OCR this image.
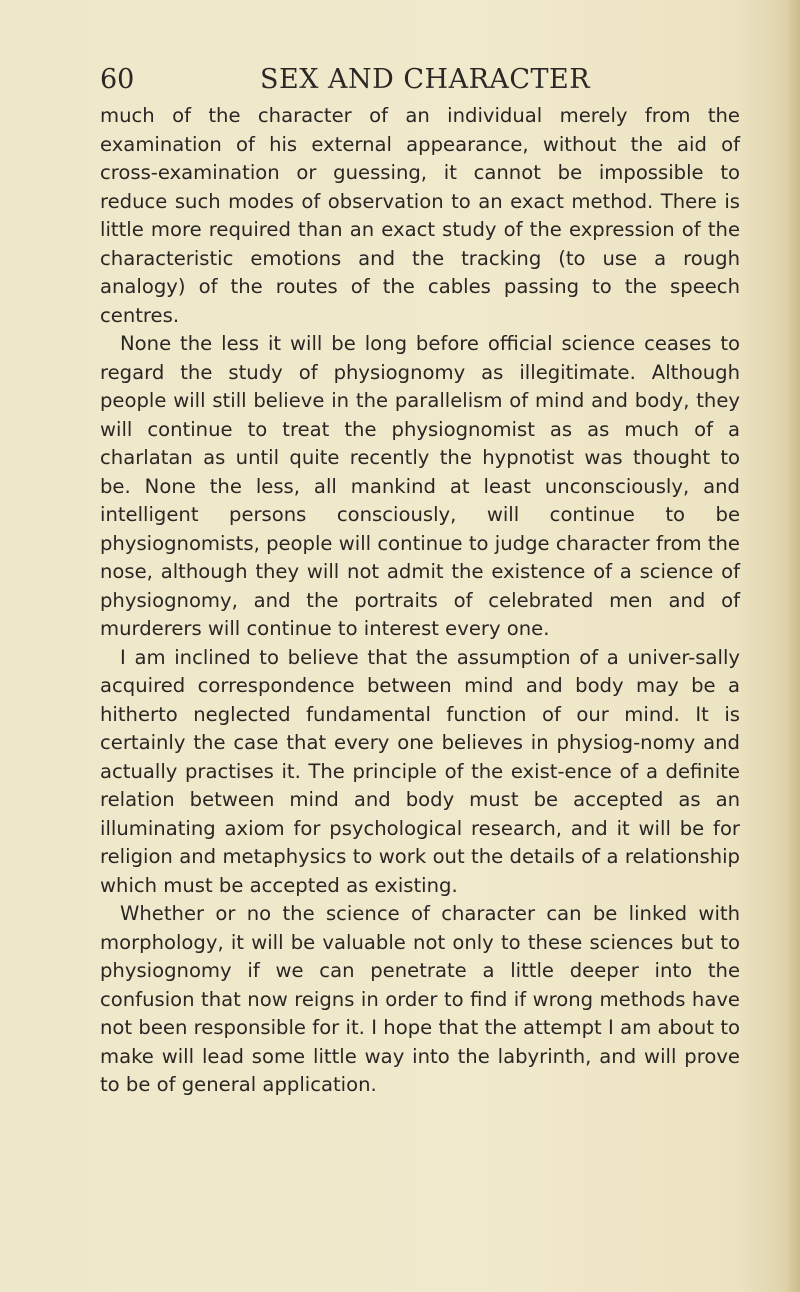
60	SEX AND CHARACTER

much of the character of an individual merely from the examination of his external appearance, without the aid of cross-examination or guessing, it cannot be impossible to reduce such modes of observation to an exact method. There is little more required than an exact study of the expression of the characteristic emotions and the tracking (to use a rough analogy) of the routes of the cables passing to the speech centres.

None the less it will be long before official science ceases to regard the study of physiognomy as illegitimate. Although people will still believe in the parallelism of mind and body, they will continue to treat the physiognomist as as much of a charlatan as until quite recently the hypnotist was thought to be. None the less, all mankind at least unconsciously, and intelligent persons consciously, will continue to be physiognomists, people will continue to judge character from the nose, although they will not admit the existence of a science of physiognomy, and the portraits of celebrated men and of murderers will continue to interest every one.

I am inclined to believe that the assumption of a univer-sally acquired correspondence between mind and body may be a hitherto neglected fundamental function of our mind. It is certainly the case that every one believes in physiog-nomy and actually practises it. The principle of the exist-ence of a definite relation between mind and body must be accepted as an illuminating axiom for psychological research, and it will be for religion and metaphysics to work out the details of a relationship which must be accepted as existing.

Whether or no the science of character can be linked with morphology, it will be valuable not only to these sciences but to physiognomy if we can penetrate a little deeper into the confusion that now reigns in order to find if wrong methods have not been responsible for it. I hope that the attempt I am about to make will lead some little way into the labyrinth, and will prove to be of general application.
